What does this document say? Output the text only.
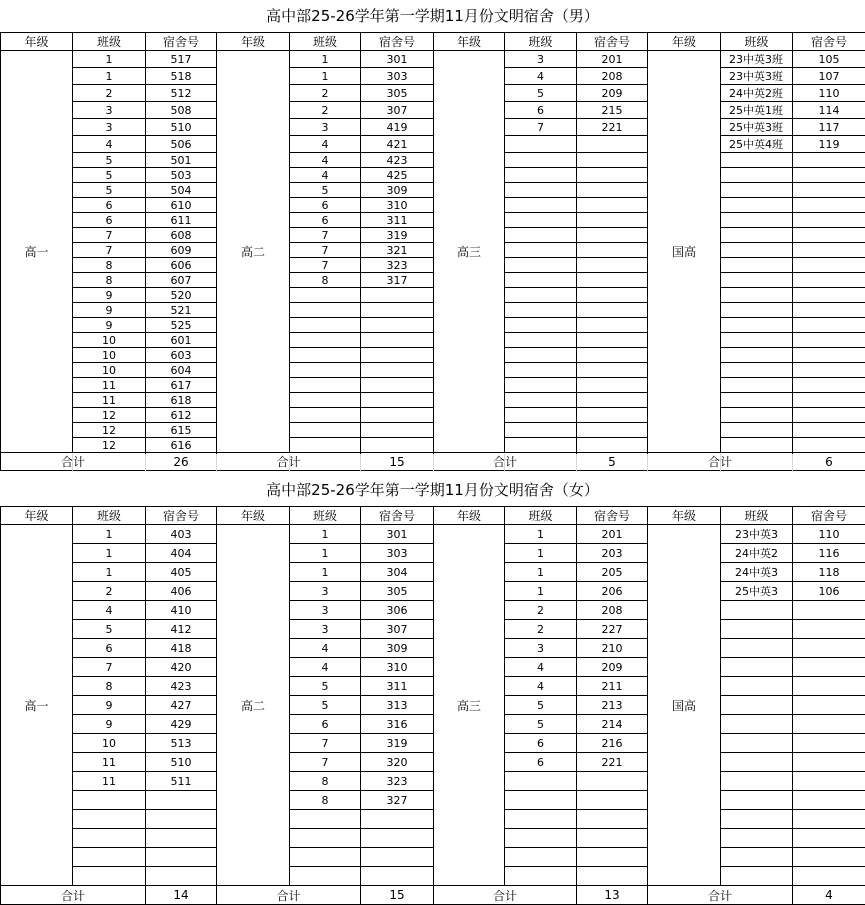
高中部25-26学年第一学期11月份文明宿舍（男）
年级	班级	宿舍号	年级	班级	宿舍号	年级	班级	宿舍号	年级	班级	宿舍号
高一	1	517	高二	1	301	高三	3	201	国高	23中英3班	105
	1	518		1	303		4	208		23中英3班	107
	2	512		2	305		5	209		24中英2班	110
	3	508		2	307		6	215		25中英1班	114
	3	510		3	419		7	221		25中英3班	117
	4	506		4	421					25中英4班	119
	5	501		4	423						
	5	503		4	425						
	5	504		5	309						
	6	610		6	310						
	6	611		6	311						
	7	608		7	319						
	7	609		7	321						
	8	606		7	323						
	8	607		8	317						
	9	520									
	9	521									
	9	525									
	10	601									
	10	603									
	10	604									
	11	617									
	11	618									
	12	612									
	12	615									
	12	616									
合计		26	合计		15	合计		5	合计		6
高中部25-26学年第一学期11月份文明宿舍（女）
年级	班级	宿舍号	年级	班级	宿舍号	年级	班级	宿舍号	年级	班级	宿舍号
高一	1	403	高二	1	301	高三	1	201	国高	23中英3	110
	1	404		1	303		1	203		24中英2	116
	1	405		1	304		1	205		24中英3	118
	2	406		3	305		1	206		25中英3	106
	4	410		3	306		2	208			
	5	412		3	307		2	227			
	6	418		4	309		3	210			
	7	420		4	310		4	209			
	8	423		5	311		4	211			
	9	427		5	313		5	213			
	9	429		6	316		5	214			
	10	513		7	319		6	216			
	11	510		7	320		6	221			
	11	511		8	323						
				8	327						

合计		14	合计		15	合计		13	合计		4
